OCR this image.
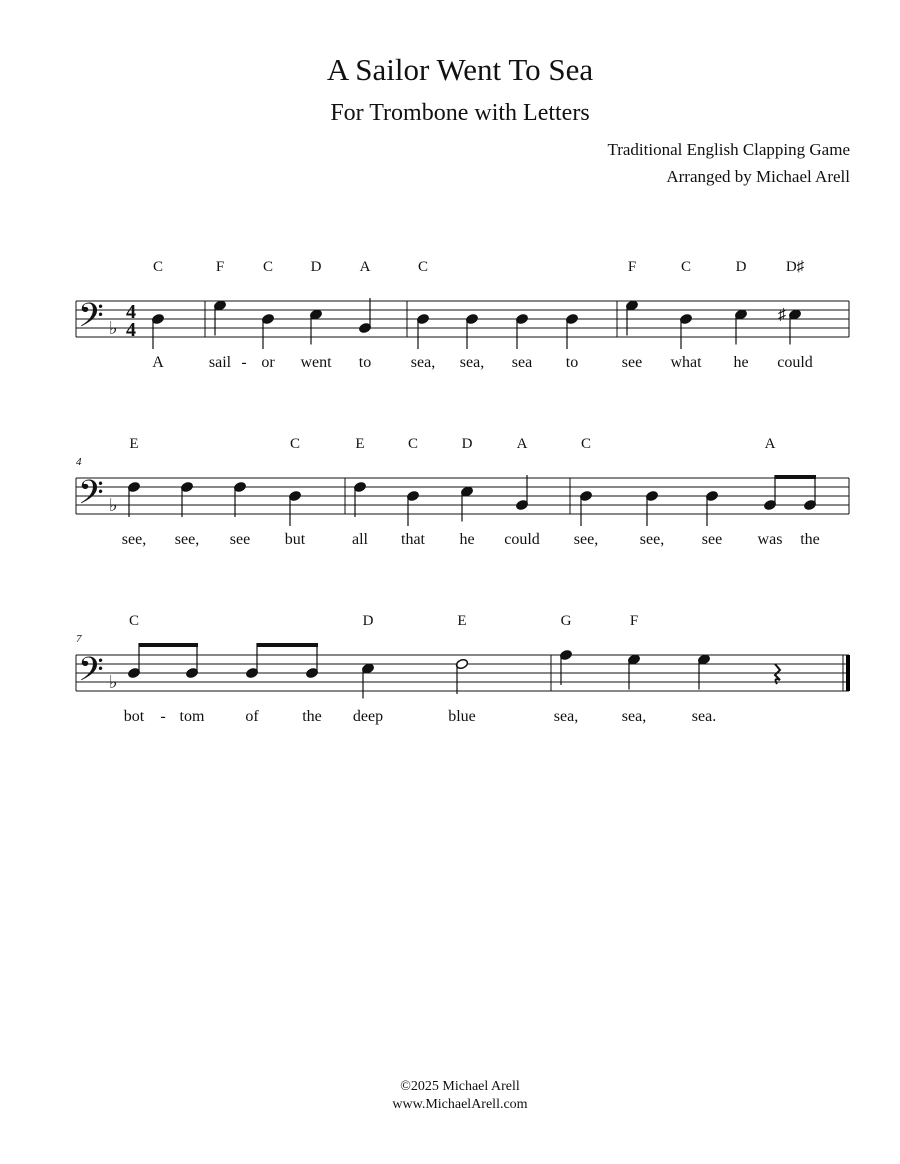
A Sailor Went To Sea
For Trombone with Letters
Traditional English Clapping Game
Arranged by Michael Arell
𝄢 ♭
♯
4
4
C
A
F
sail
C
or
D
went
A
to
C
sea, sea, sea to
F
see
C
what
D
he
D♯
could
-
𝄢 ♭
4
E
see, see, see
C
but
E
all
C
that
D
he
A
could
C
see,	see, see
A
was the
𝄢 ♭
7
C
bot tom	of	the
D
deep
E
blue
G
sea,
F
sea,	sea.
-
©2025 Michael Arell
www.MichaelArell.com
